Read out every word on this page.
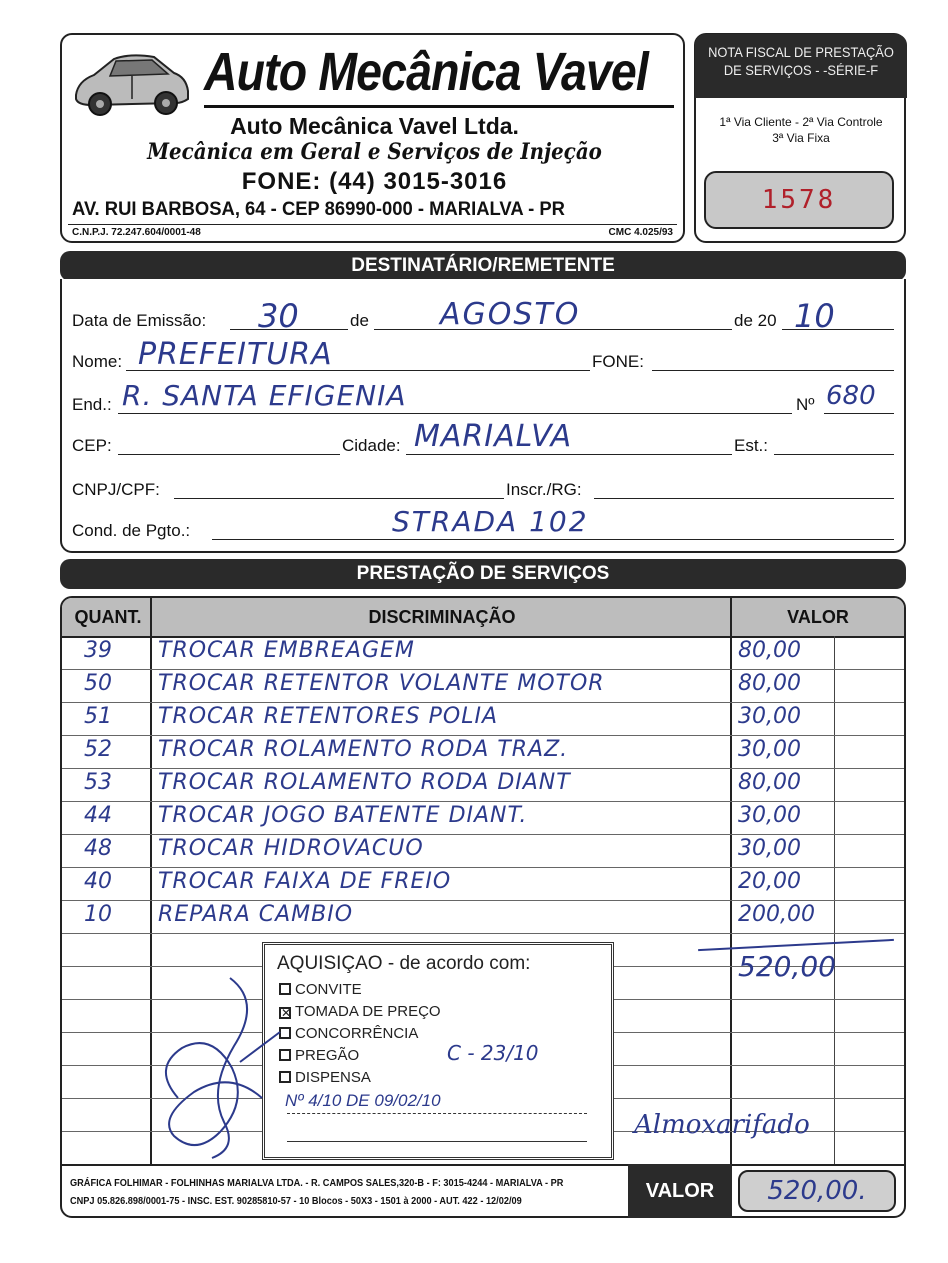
Auto Mecânica Vavel
Auto Mecânica Vavel Ltda.
Mecânica em Geral e Serviços de Injeção
FONE: (44) 3015-3016
AV. RUI BARBOSA, 64 - CEP 86990-000 - MARIALVA - PR
C.N.P.J. 72.247.604/0001-48	CMC 4.025/93
NOTA FISCAL DE PRESTAÇÃO
DE SERVIÇOS - -SÉRIE-F
1ª Via Cliente - 2ª Via Controle
3ª Via Fixa
1578
DESTINATÁRIO/REMETENTE
Data de Emissão: 30	de AGOSTO	de 20 10
Nome: PREFEITURA	FONE:
End.: R. SANTA EFIGENIA	Nº 680
CEP:	Cidade: MARIALVA	Est.:
CNPJ/CPF:	Inscr./RG:
Cond. de Pgto.:	STRADA 102
PRESTAÇÃO DE SERVIÇOS
QUANT.	DISCRIMINAÇÃO	VALOR
39 TROCAR EMBREAGEM	80,00
50 TROCAR RETENTOR VOLANTE MOTOR	80,00
51 TROCAR RETENTORES POLIA	30,00
52 TROCAR ROLAMENTO RODA TRAZ.	30,00
53 TROCAR ROLAMENTO RODA DIANT	80,00
44 TROCAR JOGO BATENTE DIANT.	30,00
48 TROCAR HIDROVACUO	30,00
40 TROCAR FAIXA DE FREIO	20,00
10 REPARA CAMBIO	200,00
520,00
AQUISIÇAO - de acordo com:
CONVITE
✕ TOMADA DE PREÇO
CONCORRÊNCIA
PREGÃO
DISPENSA
C - 23/10
Nº 4/10 DE 09/02/10
Almoxarifado
GRÁFICA FOLHIMAR - FOLHINHAS MARIALVA LTDA. - R. CAMPOS SALES,320-B - F: 3015-4244 - MARIALVA - PR
CNPJ 05.826.898/0001-75 - INSC. EST. 90285810-57 - 10 Blocos - 50X3 - 1501 à 2000 - AUT. 422 - 12/02/09	VALOR	520,00.
